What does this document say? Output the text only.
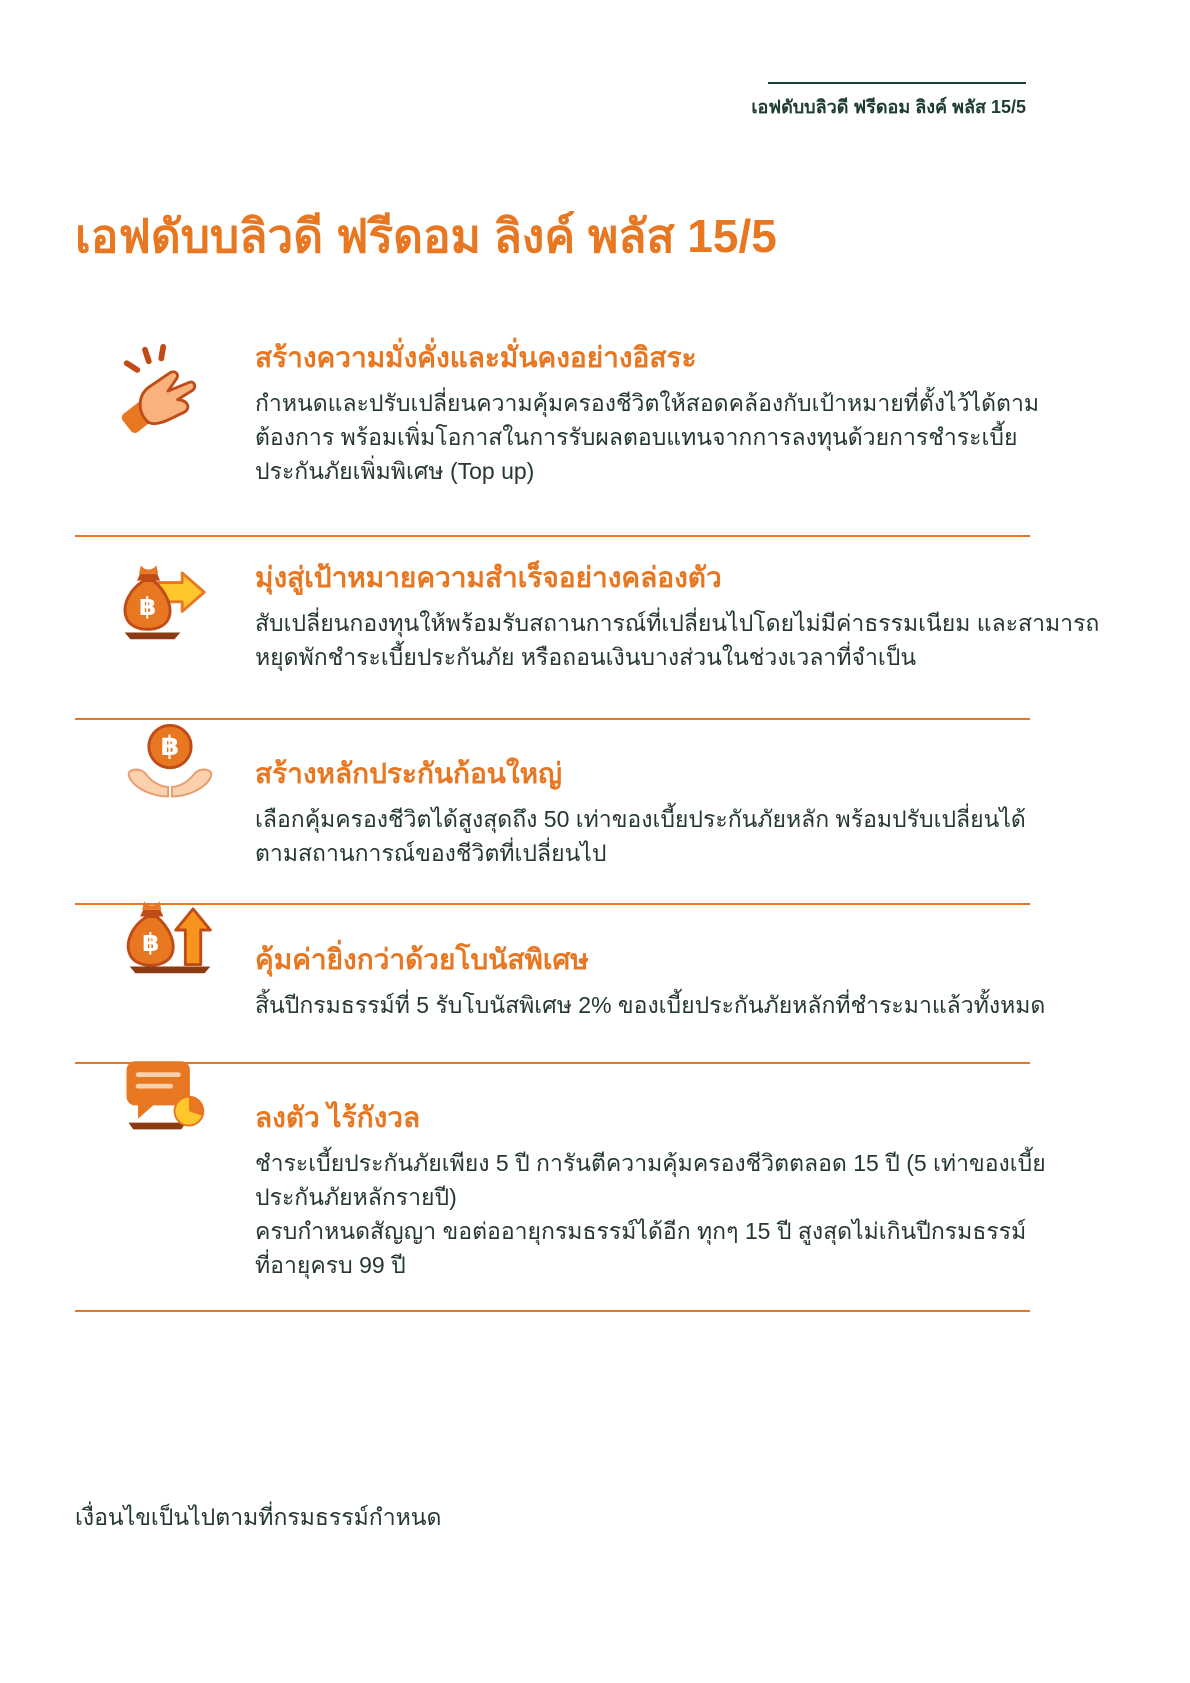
เอฟดับบลิวดี ฟรีดอม ลิงค์ พลัส 15/5
เอฟดับบลิวดี ฟรีดอม ลิงค์ พลัส 15/5
สร้างความมั่งคั่งและมั่นคงอย่างอิสระ
กำหนดและปรับเปลี่ยนความคุ้มครองชีวิตให้สอดคล้องกับเป้าหมายที่ตั้งไว้ได้ตาม
ต้องการ พร้อมเพิ่มโอกาสในการรับผลตอบแทนจากการลงทุนด้วยการชำระเบี้ย
ประกันภัยเพิ่มพิเศษ (Top up)
฿
มุ่งสู่เป้าหมายความสำเร็จอย่างคล่องตัว
สับเปลี่ยนกองทุนให้พร้อมรับสถานการณ์ที่เปลี่ยนไปโดยไม่มีค่าธรรมเนียม และสามารถ
หยุดพักชำระเบี้ยประกันภัย หรือถอนเงินบางส่วนในช่วงเวลาที่จำเป็น
฿
สร้างหลักประกันก้อนใหญ่
เลือกคุ้มครองชีวิตได้สูงสุดถึง 50 เท่าของเบี้ยประกันภัยหลัก พร้อมปรับเปลี่ยนได้
ตามสถานการณ์ของชีวิตที่เปลี่ยนไป
฿
คุ้มค่ายิ่งกว่าด้วยโบนัสพิเศษ
สิ้นปีกรมธรรม์ที่ 5 รับโบนัสพิเศษ 2% ของเบี้ยประกันภัยหลักที่ชำระมาแล้วทั้งหมด
ลงตัว ไร้กังวล
ชำระเบี้ยประกันภัยเพียง 5 ปี การันตีความคุ้มครองชีวิตตลอด 15 ปี (5 เท่าของเบี้ย
ประกันภัยหลักรายปี)
ครบกำหนดสัญญา ขอต่ออายุกรมธรรม์ได้อีก ทุกๆ 15 ปี สูงสุดไม่เกินปีกรมธรรม์
ที่อายุครบ 99 ปี
เงื่อนไขเป็นไปตามที่กรมธรรม์กำหนด
